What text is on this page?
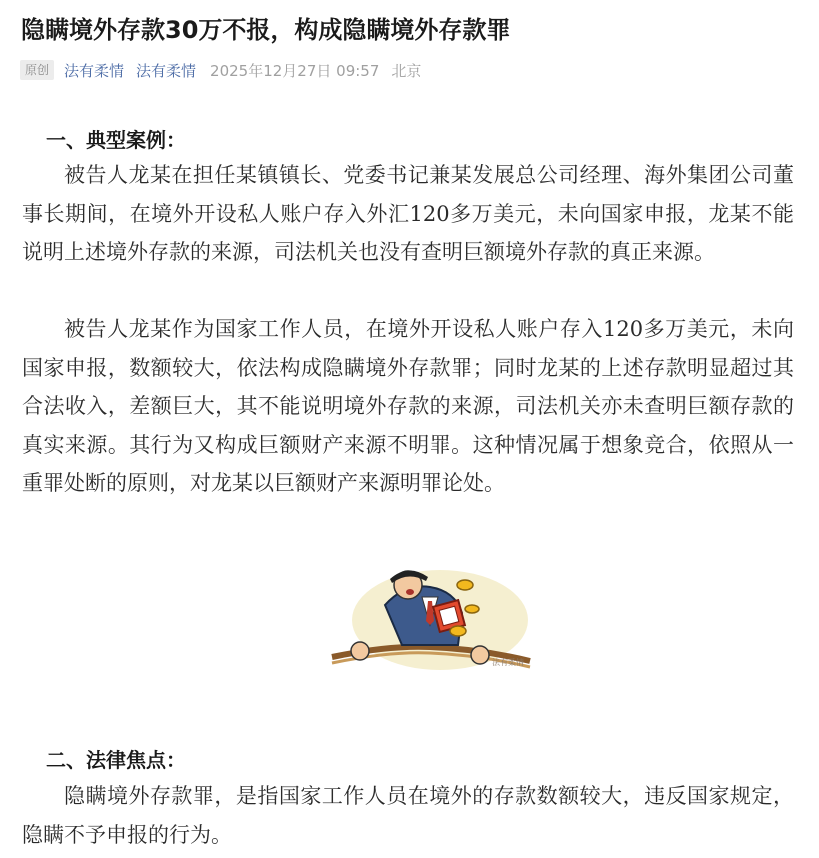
隐瞒境外存款30万不报，构成隐瞒境外存款罪
原创	法有柔情 法有柔情 2025年12月27日 09:57 北京
一、典型案例：

被告人龙某在担任某镇镇长、党委书记兼某发展总公司经理、海外集团公司董事长期间，在境外开设私人账户存入外汇120多万美元，未向国家申报，龙某不能说明上述境外存款的来源，司法机关也没有查明巨额境外存款的真正来源。

被告人龙某作为国家工作人员，在境外开设私人账户存入120多万美元，未向国家申报，数额较大，依法构成隐瞒境外存款罪；同时龙某的上述存款明显超过其合法收入，差额巨大，其不能说明境外存款的来源，司法机关亦未查明巨额存款的真实来源。其行为又构成巨额财产来源不明罪。这种情况属于想象竞合，依照从一重罪处断的原则，对龙某以巨额财产来源明罪论处。

法有柔情
二、法律焦点：

隐瞒境外存款罪，是指国家工作人员在境外的存款数额较大，违反国家规定，隐瞒不予申报的行为。
